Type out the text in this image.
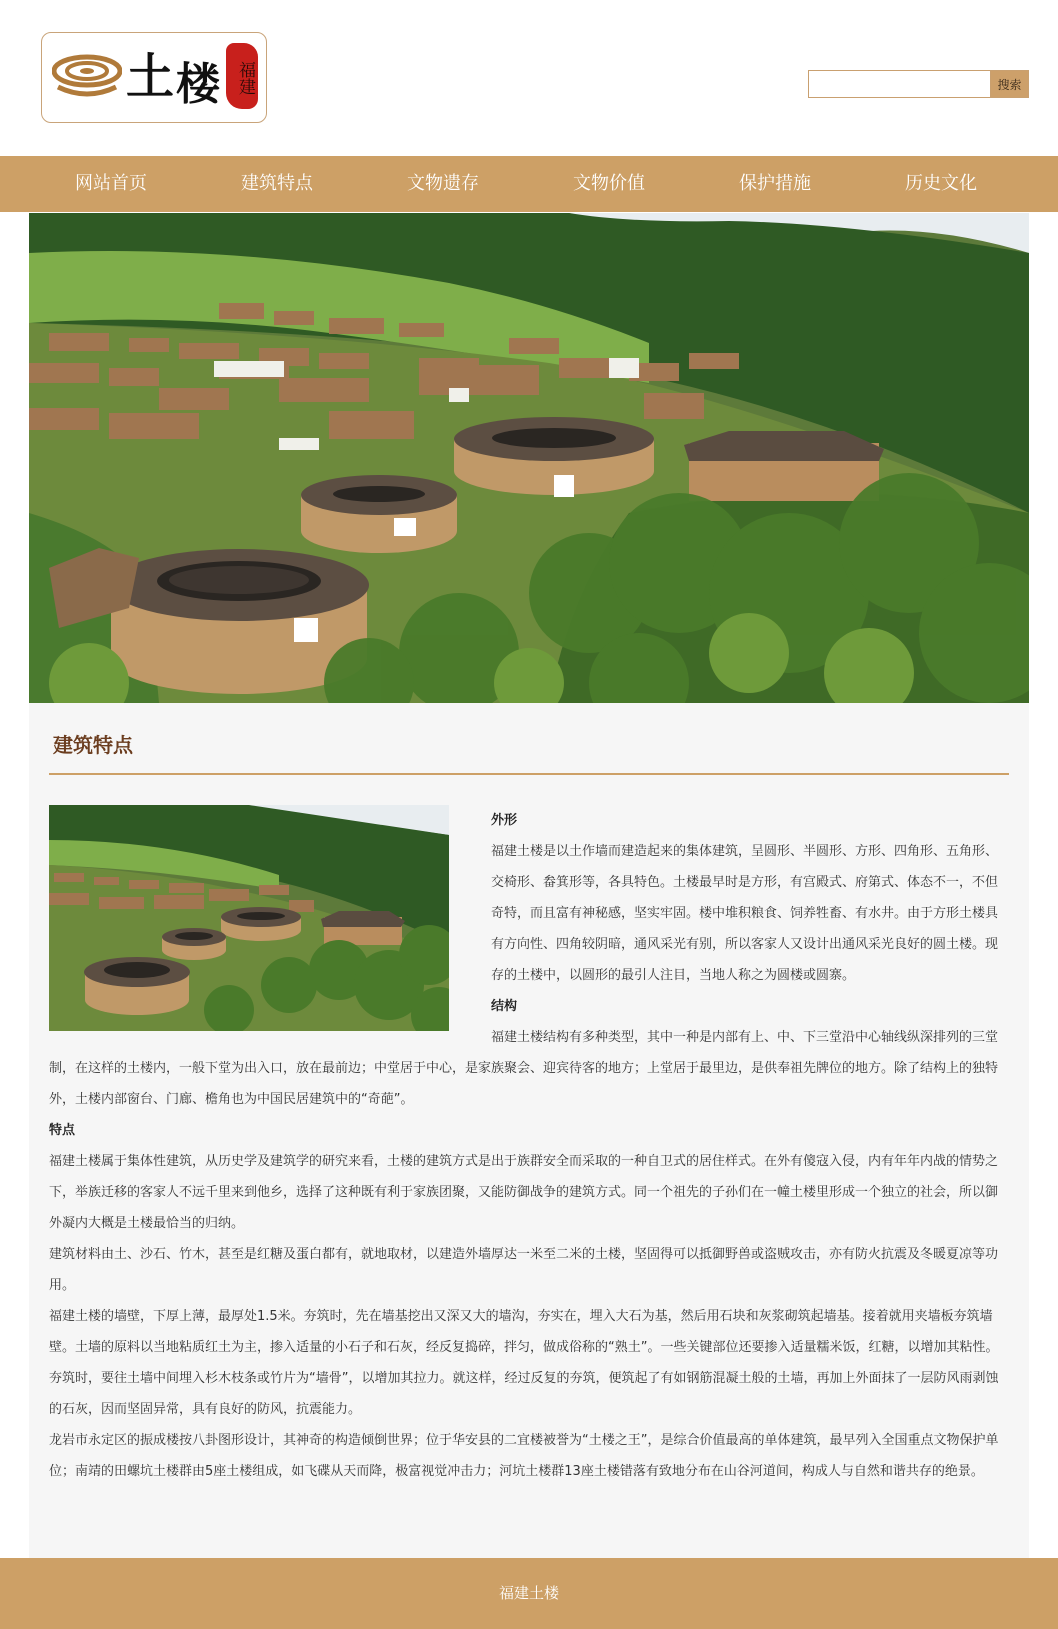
土 楼 福建	搜索
网站首页	建筑特点	文物遗存	文物价值	保护措施	历史文化
建筑特点

外形

福建土楼是以土作墙而建造起来的集体建筑，呈圆形、半圆形、方形、四角形、五角形、交椅形、畚箕形等，各具特色。土楼最早时是方形，有宫殿式、府第式、体态不一，不但奇特，而且富有神秘感，坚实牢固。楼中堆积粮食、饲养牲畜、有水井。由于方形土楼具有方向性、四角较阴暗，通风采光有别，所以客家人又设计出通风采光良好的圆土楼。现存的土楼中，以圆形的最引人注目，当地人称之为圆楼或圆寨。

结构

福建土楼结构有多种类型，其中一种是内部有上、中、下三堂沿中心轴线纵深排列的三堂制，在这样的土楼内，一般下堂为出入口，放在最前边；中堂居于中心，是家族聚会、迎宾待客的地方；上堂居于最里边，是供奉祖先牌位的地方。除了结构上的独特外，土楼内部窗台、门廊、檐角也为中国民居建筑中的“奇葩”。

特点

福建土楼属于集体性建筑，从历史学及建筑学的研究来看，土楼的建筑方式是出于族群安全而采取的一种自卫式的居住样式。在外有傻寇入侵，内有年年内战的情势之下，举族迁移的客家人不远千里来到他乡，选择了这种既有利于家族团聚，又能防御战争的建筑方式。同一个祖先的子孙们在一幢土楼里形成一个独立的社会，所以御外凝内大概是土楼最恰当的归纳。

建筑材料由土、沙石、竹木，甚至是红糖及蛋白都有，就地取材，以建造外墙厚达一米至二米的土楼，坚固得可以抵御野兽或盗贼攻击，亦有防火抗震及冬暖夏凉等功用。

福建土楼的墙壁，下厚上薄，最厚处1.5米。夯筑时，先在墙基挖出又深又大的墙沟，夯实在，埋入大石为基，然后用石块和灰浆砌筑起墙基。接着就用夹墙板夯筑墙壁。土墙的原料以当地粘质红土为主，掺入适量的小石子和石灰，经反复捣碎，拌匀，做成俗称的“熟土”。一些关键部位还要掺入适量糯米饭，红糖，以增加其粘性。夯筑时，要往土墙中间埋入杉木枝条或竹片为“墙骨”，以增加其拉力。就这样，经过反复的夯筑，便筑起了有如钢筋混凝土般的土墙，再加上外面抹了一层防风雨剥蚀的石灰，因而坚固异常，具有良好的防风，抗震能力。

龙岩市永定区的振成楼按八卦图形设计，其神奇的构造倾倒世界；位于华安县的二宜楼被誉为“土楼之王”，是综合价值最高的单体建筑，最早列入全国重点文物保护单位；南靖的田螺坑土楼群由5座土楼组成，如飞碟从天而降，极富视觉冲击力；河坑土楼群13座土楼错落有致地分布在山谷河道间，构成人与自然和谐共存的绝景。

福建土楼
